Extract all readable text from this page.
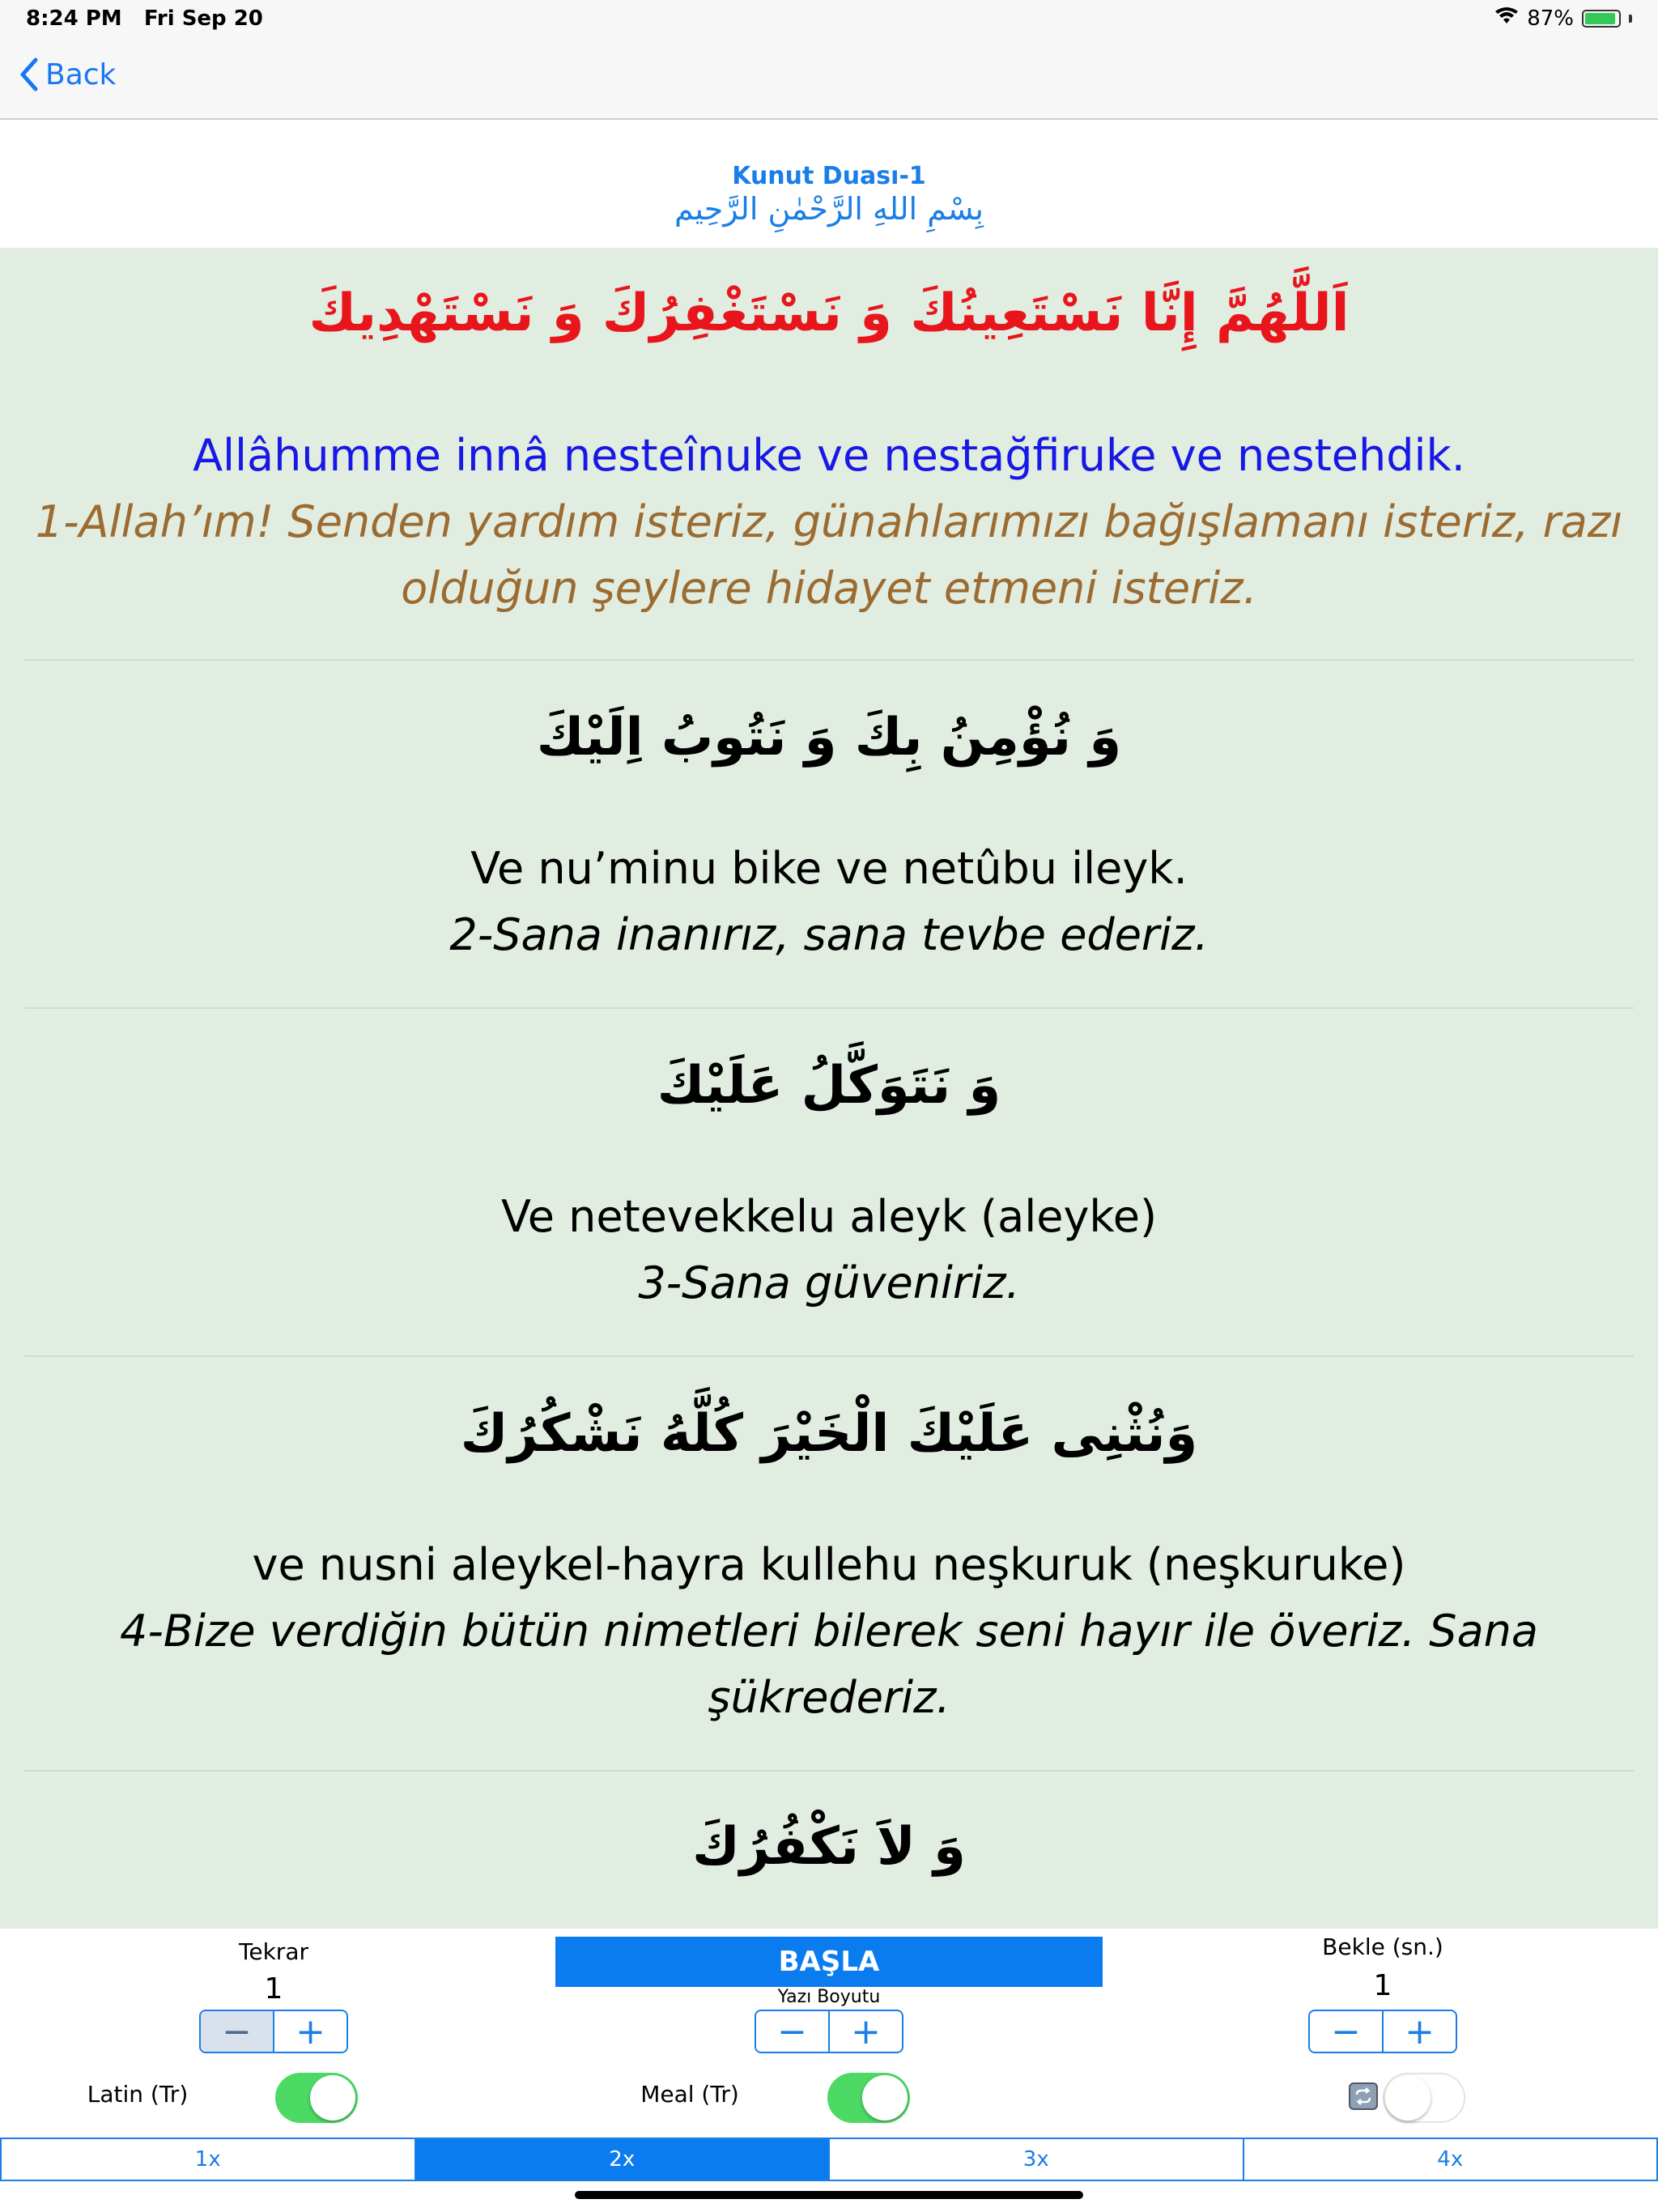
8:24 PM Fri Sep 20	87%
Back
Kunut Duası-1
بِسْمِ اللهِ الرَّحْمٰنِ الرَّحِيم
اَللَّهُمَّ إِنَّا نَسْتَعِينُكَ وَ نَسْتَغْفِرُكَ وَ نَسْتَهْدِيكَ
Allâhumme innâ nesteînuke ve nestağfiruke ve nestehdik.
1-Allah’ım! Senden yardım isteriz, günahlarımızı bağışlamanı isteriz, razı olduğun şeylere hidayet etmeni isteriz.
وَ نُؤْمِنُ بِكَ وَ نَتُوبُ اِلَيْكَ
Ve nu’minu bike ve netûbu ileyk.
2-Sana inanırız, sana tevbe ederiz.
وَ نَتَوَكَّلُ عَلَيْكَ
Ve netevekkelu aleyk (aleyke)
3-Sana güveniriz.
وَنُثْنِى عَلَيْكَ الْخَيْرَ كُلَّهُ نَشْكُرُكَ
ve nusni aleykel-hayra kullehu neşkuruk (neşkuruke)
4-Bize verdiğin bütün nimetleri bilerek seni hayır ile överiz. Sana şükrederiz.
وَ لاَ نَكْفُرُكَ
Tekrar
1
−	+
BAŞLA
Yazı Boyutu
−	+
Bekle (sn.)
1
−	+
Latin (Tr)	Meal (Tr)
1x	2x	3x	4x
